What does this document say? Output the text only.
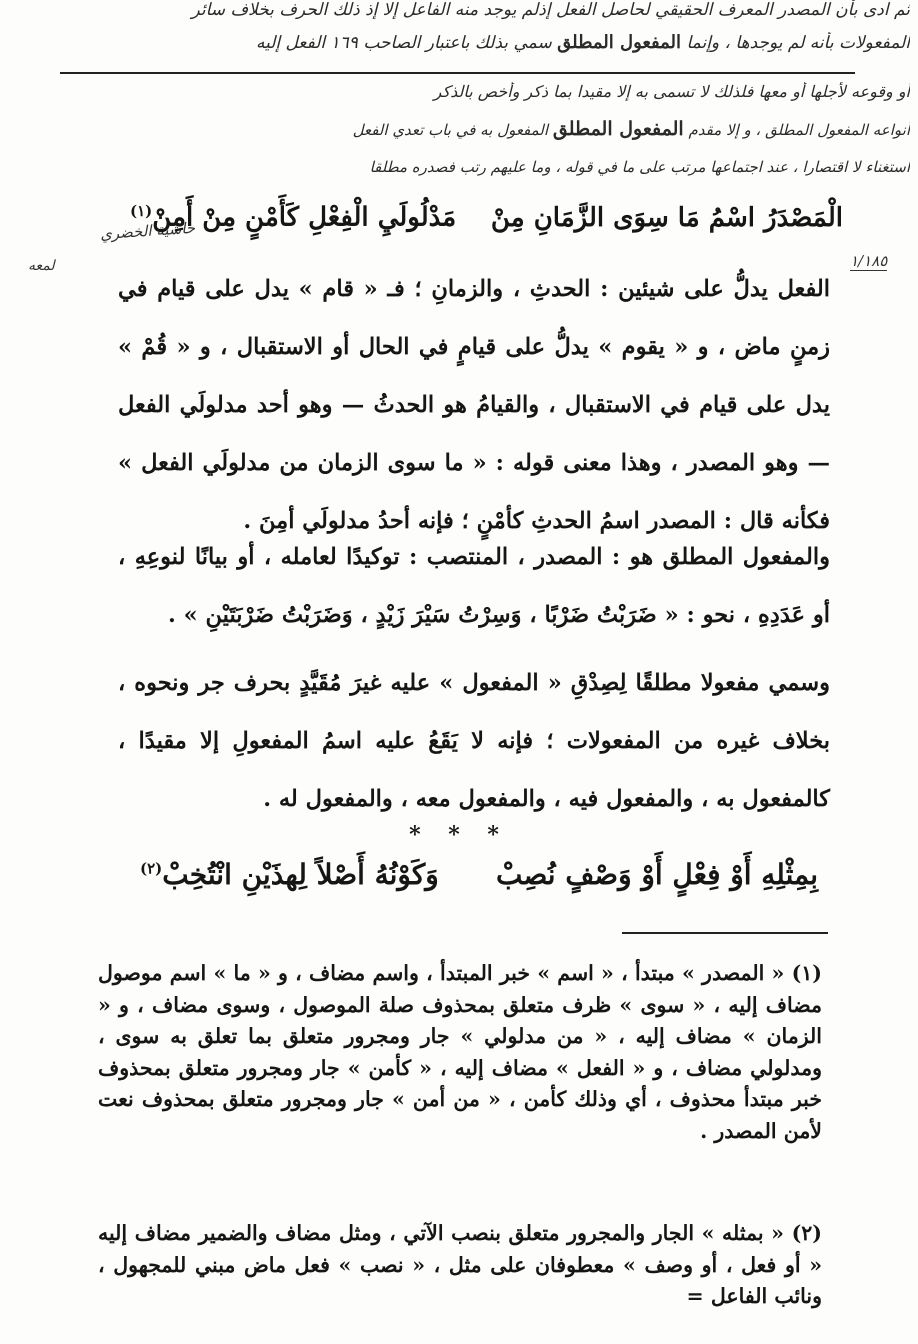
ثم ادى بأن المصدر المعرف الحقيقي لحاصل الفعل إذلم يوجد منه الفاعل إلا إذ ذلك الحرف بخلاف سائر
المفعولات بأنه لم يوجدها ، وإنما المفعول المطلق سمي بذلك باعتبار الصاحب ١٦٩ الفعل إليه
أو وقوعه لأجلها أو معها فلذلك لا تسمى به إلا مقيدا بما ذكر وأخص بالذكر
أنواعه المفعول المطلق ، و إلا مقدم المفعول المطلق المفعول به في باب تعدي الفعل
استغناء لا اقتصارا ، عند اجتماعها مرتب على ما في قوله ، وما عليهم رتب فصدره مطلقا
حاشية الخضري
١/١٨٥
لمعه
الْمَصْدَرُ اسْمُ مَا سِوَى الزَّمَانِ مِنْ
مَدْلُولَيِ الْفِعْلِ كَأَمْنٍ مِنْ أَمِنْ$^{(١)}$

الفعل يدلُّ على شيئين : الحدثِ ، والزمانِ ؛ فـ « قام » يدل على قيام في زمنٍ ماض ، و « يقوم » يدلُّ على قيامٍ في الحال أو الاستقبال ، و « قُمْ » يدل على قيام في الاستقبال ، والقيامُ هو الحدثُ — وهو أحد مدلولَي الفعل — وهو المصدر ، وهذا معنى قوله : « ما سوى الزمان من مدلولَي الفعل » فكأنه قال : المصدر اسمُ الحدثِ كأمْنٍ ؛ فإنه أحدُ مدلولَي أمِنَ .

والمفعول المطلق هو : المصدر ، المنتصب : توكيدًا لعامله ، أو بيانًا لنوعِهِ ، أو عَدَدِهِ ، نحو : « ضَرَبْتُ ضَرْبًا ، وَسِرْتُ سَيْرَ زَيْدٍ ، وَضَرَبْتُ ضَرْبَتَيْنِ » .

وسمي مفعولا مطلقًا لِصِدْقِ « المفعول » عليه غيرَ مُقَيَّدٍ بحرف جر ونحوه ، بخلاف غيره من المفعولات ؛ فإنه لا يَقَعُ عليه اسمُ المفعولِ إلا مقيدًا ، كالمفعول به ، والمفعول فيه ، والمفعول معه ، والمفعول له .

* * *
بِمِثْلِهِ أَوْ فِعْلٍ أَوْ وَصْفٍ نُصِبْ
وَكَوْنُهُ أَصْلاً لِهذَيْنِ انْتُخِبْ$^{(٢)}$

(١) « المصدر » مبتدأ ، « اسم » خبر المبتدأ ، واسم مضاف ، و « ما » اسم موصول مضاف إليه ، « سوى » ظرف متعلق بمحذوف صلة الموصول ، وسوى مضاف ، و « الزمان » مضاف إليه ، « من مدلولي » جار ومجرور متعلق بما تعلق به سوى ، ومدلولي مضاف ، و « الفعل » مضاف إليه ، « كأمن » جار ومجرور متعلق بمحذوف خبر مبتدأ محذوف ، أي وذلك كأمن ، « من أمن » جار ومجرور متعلق بمحذوف نعت لأمن المصدر .

(٢) « بمثله » الجار والمجرور متعلق بنصب الآتي ، ومثل مضاف والضمير مضاف إليه « أو فعل ، أو وصف » معطوفان على مثل ، « نصب » فعل ماض مبني للمجهول ، ونائب الفاعل =
